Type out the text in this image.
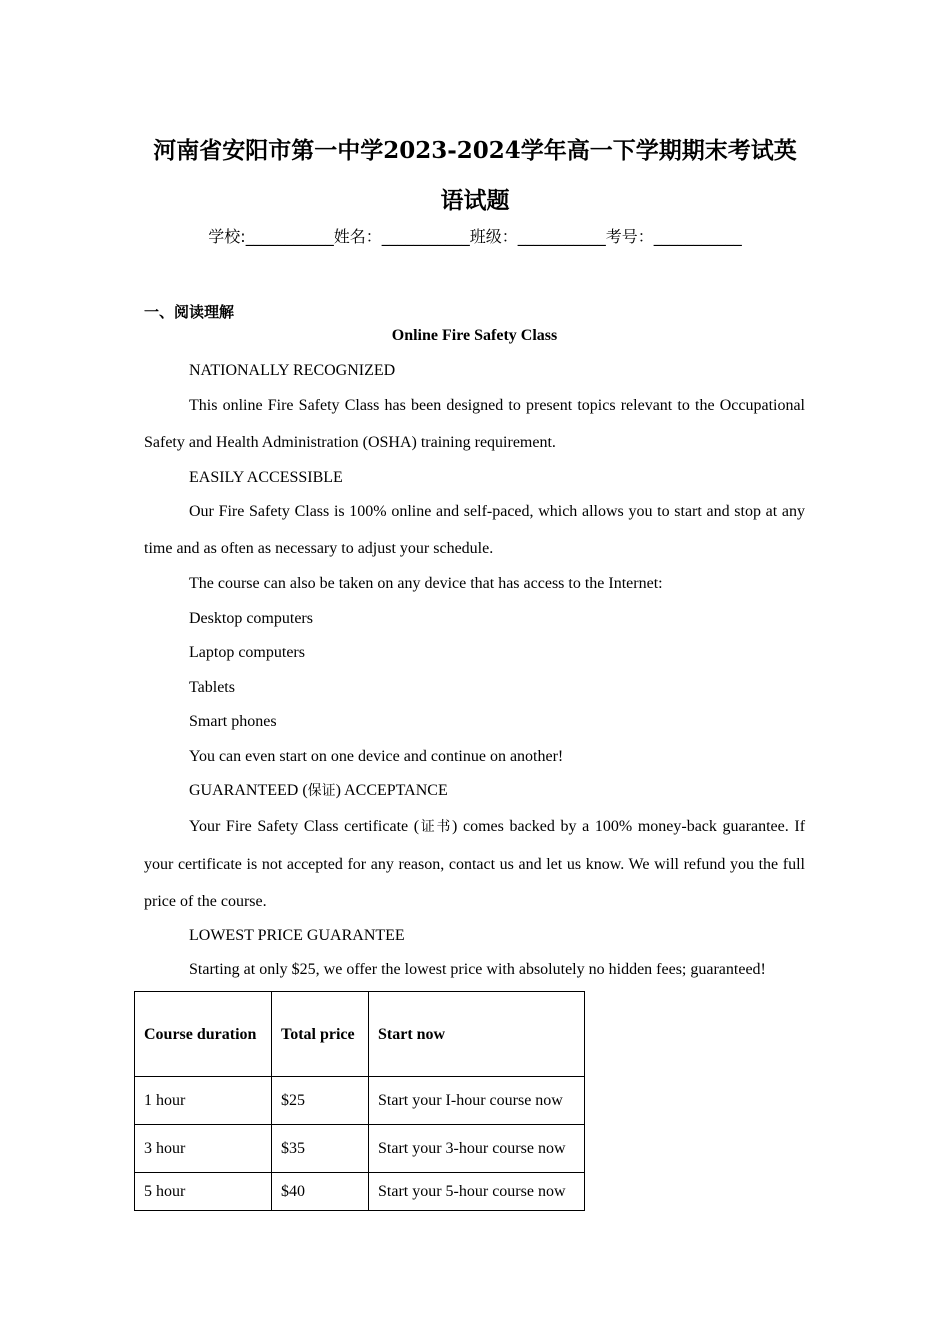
河南省安阳市第一中学2023-2024学年高一下学期期末考试英
语试题
学校:___________姓名：___________班级：___________考号：___________
一、阅读理解
Online Fire Safety Class

NATIONALLY RECOGNIZED

This online Fire Safety Class has been designed to present topics relevant to the Occupational Safety and Health Administration (OSHA) training requirement.

EASILY ACCESSIBLE

Our Fire Safety Class is 100% online and self-paced, which allows you to start and stop at any time and as often as necessary to adjust your schedule.

The course can also be taken on any device that has access to the Internet:

Desktop computers

Laptop computers

Tablets

Smart phones

You can even start on one device and continue on another!

GUARANTEED (保证) ACCEPTANCE

Your Fire Safety Class certificate (证书) comes backed by a 100% money-back guarantee. If your certificate is not accepted for any reason, contact us and let us know. We will refund you the full price of the course.

LOWEST PRICE GUARANTEE

Starting at only $25, we offer the lowest price with absolutely no hidden fees; guaranteed!

Course duration	Total price	Start now
1 hour	$25	Start your I-hour course now
3 hour	$35	Start your 3-hour course now
5 hour	$40	Start your 5-hour course now
